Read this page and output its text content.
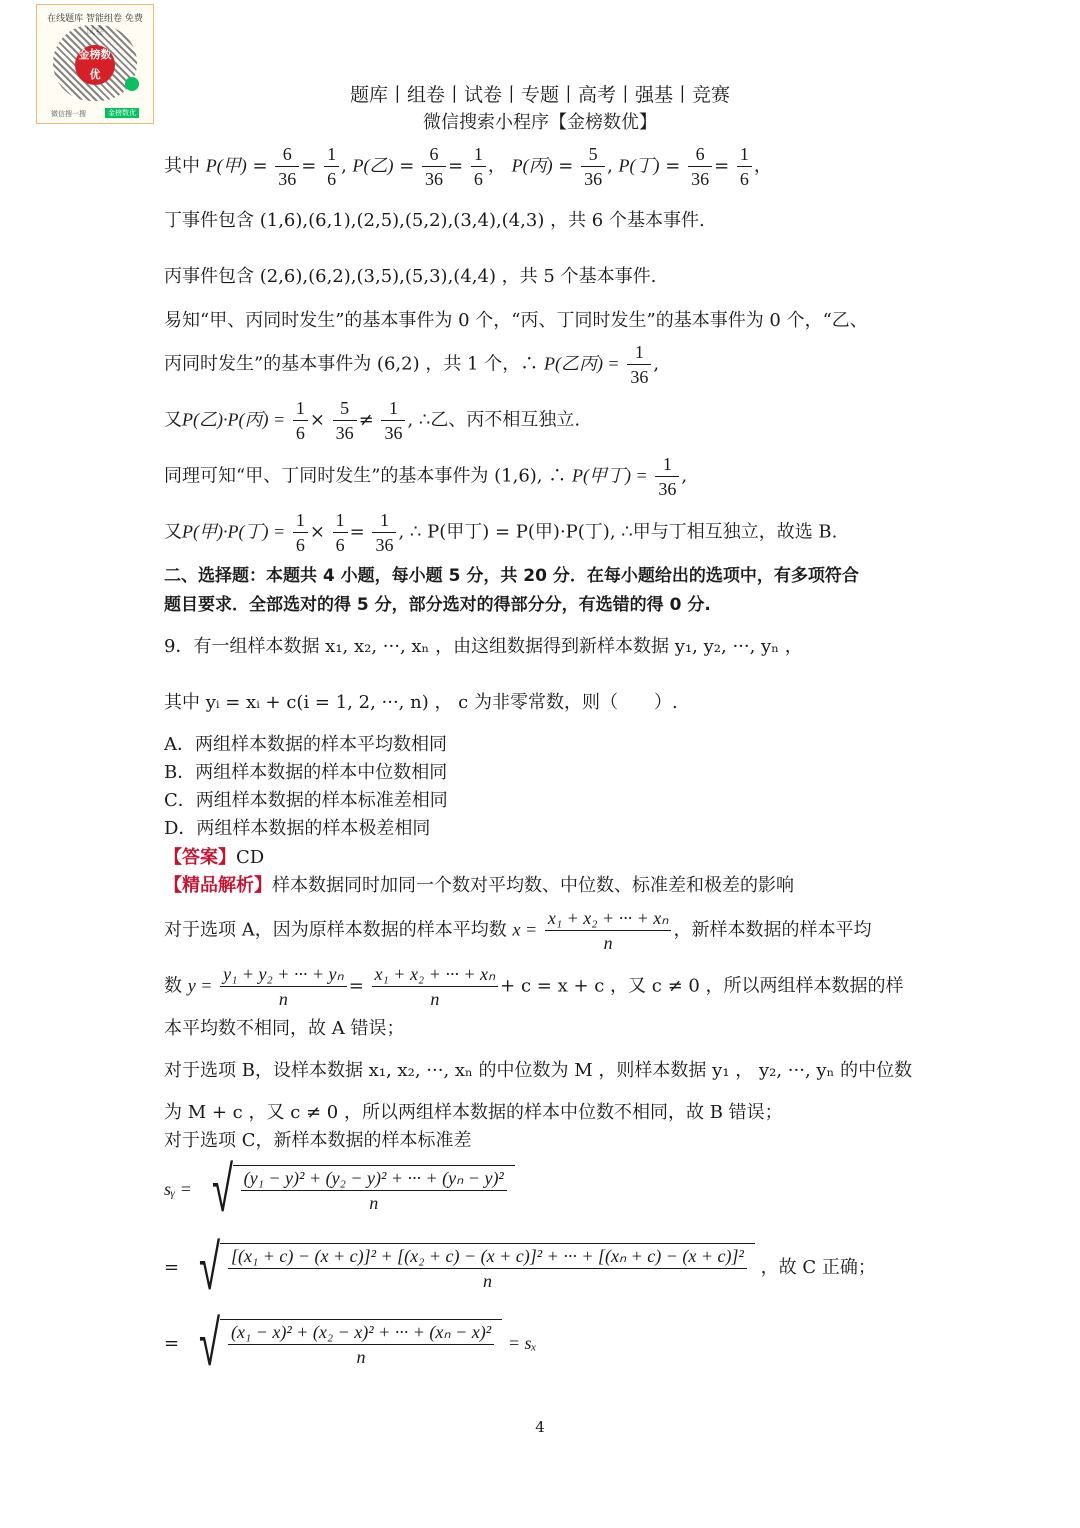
在线题库 智能组卷 免费
金榜数优
微信搜一搜	金榜数优
题库丨组卷丨试卷丨专题丨高考丨强基丨竞赛
微信搜索小程序【金榜数优】
其中 P(甲) = $\frac{6}{36} = \frac{1}{6}$ , P(乙) = $\frac{6}{36} = \frac{1}{6}$ ， P(丙) = $\frac{5}{36}$ , P(丁) = $\frac{6}{36} = \frac{1}{6}$ ，
丁事件包含 (1,6),(6,1),(2,5),(5,2),(3,4),(4,3) ，共 6 个基本事件.
丙事件包含 (2,6),(6,2),(3,5),(5,3),(4,4) ，共 5 个基本事件.
易知“甲、丙同时发生”的基本事件为 0 个，“丙、丁同时发生”的基本事件为 0 个，“乙、
丙同时发生”的基本事件为 (6,2) ，共 1 个，∴ P(乙丙) = $\frac{1}{36}$ ,
又P(乙)·P(丙) = $\frac{1}{6} \times \frac{5}{36} \ne \frac{1}{36}$ , ∴乙、丙不相互独立.
同理可知“甲、丁同时发生”的基本事件为 (1,6), ∴ P(甲丁) = $\frac{1}{36}$ ,
又P(甲)·P(丁) = $\frac{1}{6} \times \frac{1}{6} = \frac{1}{36}$ , ∴ P(甲丁) = P(甲)·P(丁), ∴甲与丁相互独立，故选 B.
二、选择题：本题共 4 小题，每小题 5 分，共 20 分．在每小题给出的选项中，有多项符合
题目要求．全部选对的得 5 分，部分选对的得部分分，有选错的得 0 分.
9．有一组样本数据 x₁, x₂, ···, xₙ ，由这组数据得到新样本数据 y₁, y₂, ···, yₙ ，
其中 yᵢ = xᵢ + c(i = 1, 2, ···, n) ， c 为非零常数，则（　　）.
A．两组样本数据的样本平均数相同
B．两组样本数据的样本中位数相同
C．两组样本数据的样本标准差相同
D．两组样本数据的样本极差相同
【答案】CD
【精品解析】样本数据同时加同一个数对平均数、中位数、标准差和极差的影响
对于选项 A，因为原样本数据的样本平均数 $x = \frac{\text{x₁ + x₂ + ··· + xₙ}}{n}$ ，新样本数据的样本平均
数 $y = \frac{\text{y₁ + y₂ + ··· + yₙ}}{n} = \frac{\text{x₁ + x₂ + ··· + xₙ}}{n} + c = x + c$ ，又 c ≠ 0 ，所以两组样本数据的样
本平均数不相同，故 A 错误；
对于选项 B，设样本数据 x₁, x₂, ···, xₙ 的中位数为 M ，则样本数据 y₁ ， y₂, ···, yₙ 的中位数
为 M + c ，又 c ≠ 0 ，所以两组样本数据的样本中位数不相同，故 B 错误；
对于选项 C，新样本数据的样本标准差
sᵧ = √ $\frac{\text{(y₁ − y)² + (y₂ − y)² + ··· + (yₙ − y)²}}{n}$
= √ [(x₁ + c) − (x + c)]² + [(x₂ + c) − (x + c)]² + ··· + [(xₙ + c) − (x + c)]²
n
，故 C 正确；
= √ $\frac{\text{(x₁ − x)² + (x₂ − x)² + ··· + (xₙ − x)²}}{n} = s_x$
4
